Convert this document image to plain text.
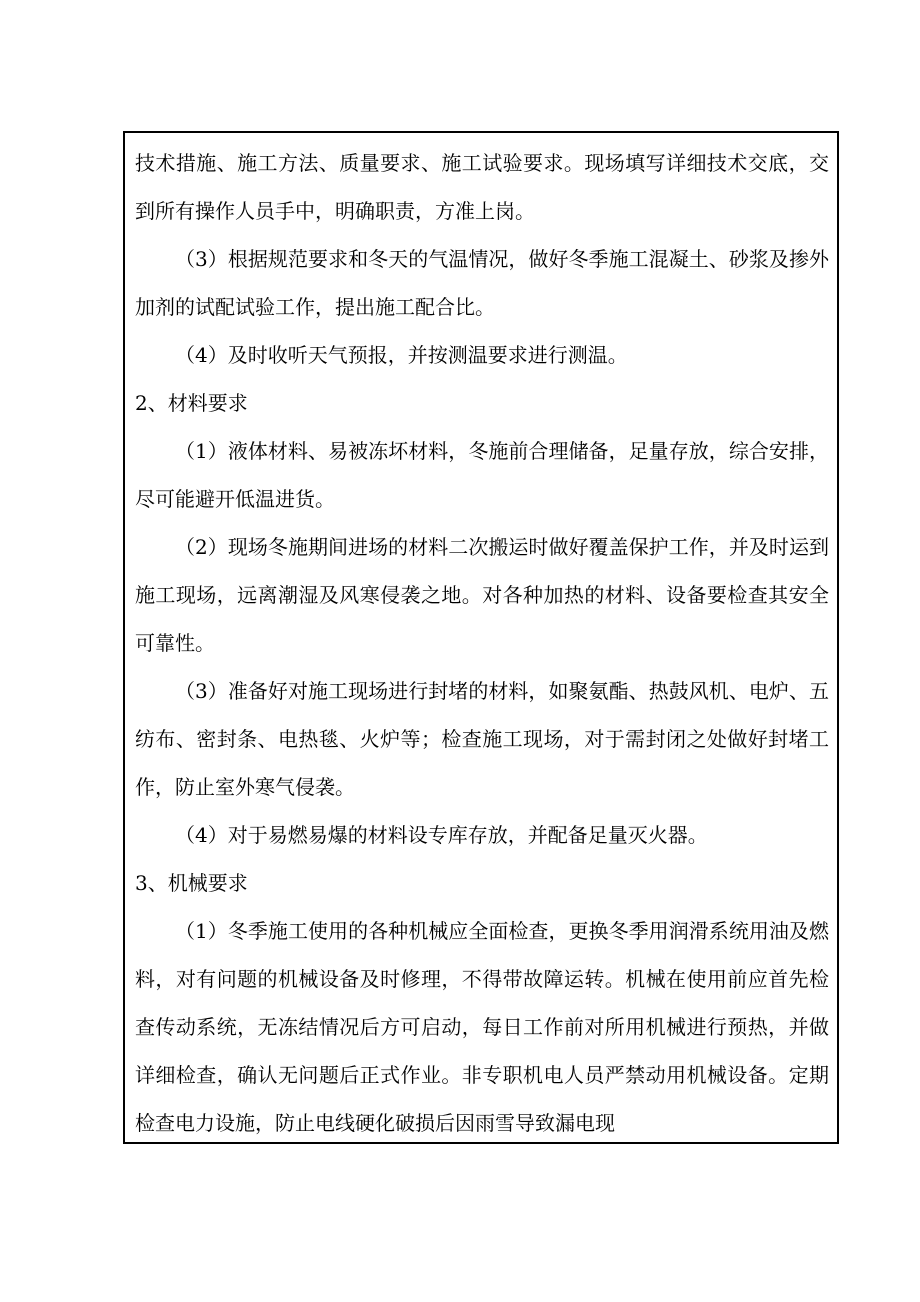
技术措施、施工方法、质量要求、施工试验要求。现场填写详细技术交底，交到所有操作人员手中，明确职责，方准上岗。

（3）根据规范要求和冬天的气温情况，做好冬季施工混凝土、砂浆及掺外加剂的试配试验工作，提出施工配合比。

（4）及时收听天气预报，并按测温要求进行测温。

2、材料要求

（1）液体材料、易被冻坏材料，冬施前合理储备，足量存放，综合安排，尽可能避开低温进货。

（2）现场冬施期间进场的材料二次搬运时做好覆盖保护工作，并及时运到施工现场，远离潮湿及风寒侵袭之地。对各种加热的材料、设备要检查其安全可靠性。

（3）准备好对施工现场进行封堵的材料，如聚氨酯、热鼓风机、电炉、五纺布、密封条、电热毯、火炉等；检查施工现场，对于需封闭之处做好封堵工作，防止室外寒气侵袭。

（4）对于易燃易爆的材料设专库存放，并配备足量灭火器。

3、机械要求

（1）冬季施工使用的各种机械应全面检查，更换冬季用润滑系统用油及燃料，对有问题的机械设备及时修理，不得带故障运转。机械在使用前应首先检查传动系统，无冻结情况后方可启动，每日工作前对所用机械进行预热，并做详细检查，确认无问题后正式作业。非专职机电人员严禁动用机械设备。定期检查电力设施，防止电线硬化破损后因雨雪导致漏电现
